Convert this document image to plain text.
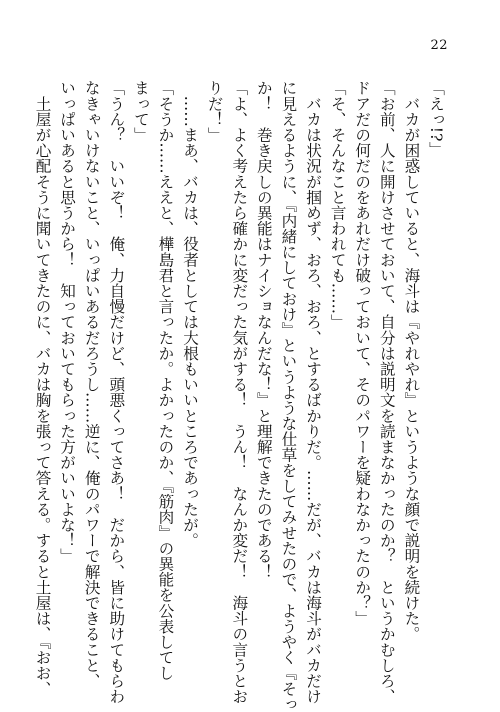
22
「えっ!?」
　バカが困惑していると、海斗は『やれやれ』というような顔で説明を続けた。
「お前、人に開けさせておいて、自分は説明文を読まなかったのか？　というかむしろ、
ドアだの何だのをあれだけ破っておいて、そのパワーを疑わなかったのか？」
「そ、そんなこと言われても……」
　バカは状況が掴めず、おろ、おろ、とするばかりだ。……だが、バカは海斗がバカだけ
に見えるように、『内緒にしておけ』というような仕草をしてみせたので、ようやく『そっ
か！　巻き戻しの異能はナイショなんだな！』と理解できたのである！
「よ、よく考えたら確かに変だった気がする！　うん！　なんか変だ！　海斗の言うとお
りだ！」
　……まあ、バカは、役者としては大根もいいところであったが。
「そうか……ええと、樺島君と言ったか。よかったのか、『筋肉』の異能を公表してし
まって」
「うん？　いいぞ！　俺、力自慢だけど、頭悪くってさあ！　だから、皆に助けてもらわ
なきゃいけないこと、いっぱいあるだろうし……逆に、俺のパワーで解決できること、
いっぱいあると思うから！　知っておいてもらった方がいいよな！」
　土屋が心配そうに聞いてきたのに、バカは胸を張って答える。すると土屋は、『おお、
